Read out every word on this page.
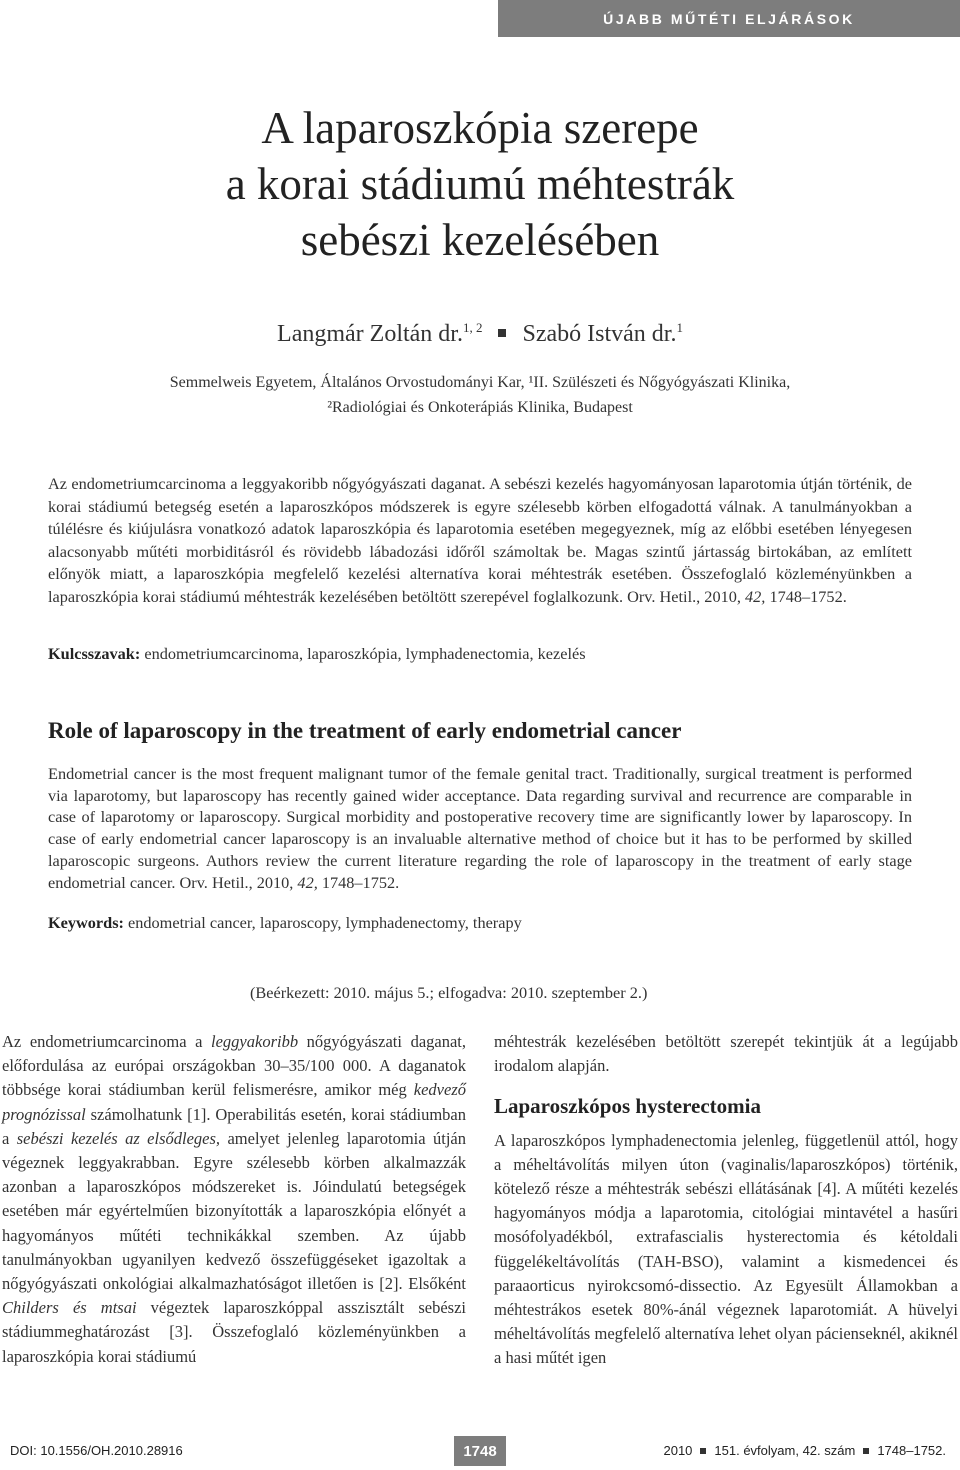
ÚJABB MŰTÉTI ELJÁRÁSOK
A laparoszkópia szerepe
a korai stádiumú méhtestrák
sebészi kezelésében
Langmár Zoltán dr.$^{1, 2}$ Szabó István dr.$^1$
Semmelweis Egyetem, Általános Orvostudományi Kar, ¹II. Szülészeti és Nőgyógyászati Klinika,
²Radiológiai és Onkoterápiás Klinika, Budapest
Az endometriumcarcinoma a leggyakoribb nőgyógyászati daganat. A sebészi kezelés hagyományosan laparotomia útján történik, de korai stádiumú betegség esetén a laparoszkópos módszerek is egyre szélesebb körben elfogadottá válnak. A tanulmányokban a túlélésre és kiújulásra vonatkozó adatok laparoszkópia és laparotomia esetében megegyeznek, míg az előbbi esetében lényegesen alacsonyabb műtéti morbiditásról és rövidebb lábadozási időről számoltak be. Magas szintű jártasság birtokában, az említett előnyök miatt, a laparoszkópia megfelelő kezelési alternatíva korai méhtestrák esetében. Összefoglaló közleményünkben a laparoszkópia korai stádiumú méhtestrák kezelésében betöltött szerepével foglalkozunk. Orv. Hetil., 2010, 42, 1748–1752.
Kulcsszavak: endometriumcarcinoma, laparoszkópia, lymphadenectomia, kezelés
Role of laparoscopy in the treatment of early endometrial cancer
Endometrial cancer is the most frequent malignant tumor of the female genital tract. Traditionally, surgical treatment is performed via laparotomy, but laparoscopy has recently gained wider acceptance. Data regarding survival and recurrence are comparable in case of laparotomy or laparoscopy. Surgical morbidity and postoperative recovery time are significantly lower by laparoscopy. In case of early endometrial cancer laparoscopy is an invaluable alternative method of choice but it has to be performed by skilled laparoscopic surgeons. Authors review the current literature regarding the role of laparoscopy in the treatment of early stage endometrial cancer. Orv. Hetil., 2010, 42, 1748–1752.
Keywords: endometrial cancer, laparoscopy, lymphadenectomy, therapy
(Beérkezett: 2010. május 5.; elfogadva: 2010. szeptember 2.)
Az endometriumcarcinoma a leggyakoribb nőgyógyászati daganat, előfordulása az európai országokban 30–35/100 000. A daganatok többsége korai stádiumban kerül felismerésre, amikor még kedvező prognózissal számolhatunk [1]. Operabilitás esetén, korai stádiumban a sebészi kezelés az elsődleges, amelyet jelenleg laparotomia útján végeznek leggyakrabban. Egyre szélesebb körben alkalmazzák azonban a laparoszkópos módszereket is. Jóindulatú betegségek esetében már egyértelműen bizonyították a laparoszkópia előnyét a hagyományos műtéti technikákkal szemben. Az újabb tanulmányokban ugyanilyen kedvező összefüggéseket igazoltak a nőgyógyászati onkológiai alkalmazhatóságot illetően is [2]. Elsőként Childers és mtsai végeztek laparoszkóppal asszisztált sebészi stádiummeghatározást [3]. Összefoglaló közleményünkben a laparoszkópia korai stádiumú
méhtestrák kezelésében betöltött szerepét tekintjük át a legújabb irodalom alapján.
Laparoszkópos hysterectomia
A laparoszkópos lymphadenectomia jelenleg, függetlenül attól, hogy a méheltávolítás milyen úton (vaginalis/laparoszkópos) történik, kötelező része a méhtestrák sebészi ellátásának [4]. A műtéti kezelés hagyományos módja a laparotomia, citológiai mintavétel a hasűri mosófolyadékból, extrafascialis hysterectomia és kétoldali függelékeltávolítás (TAH-BSO), valamint a kismedencei és paraaorticus nyirokcsomó-dissectio. Az Egyesült Államokban a méhtestrákos esetek 80%-ánál végeznek laparotomiát. A hüvelyi méheltávolítás megfelelő alternatíva lehet olyan pácienseknél, akiknél a hasi műtét igen
DOI: 10.1556/OH.2010.28916	1748	2010 151. évfolyam, 42. szám 1748–1752.
